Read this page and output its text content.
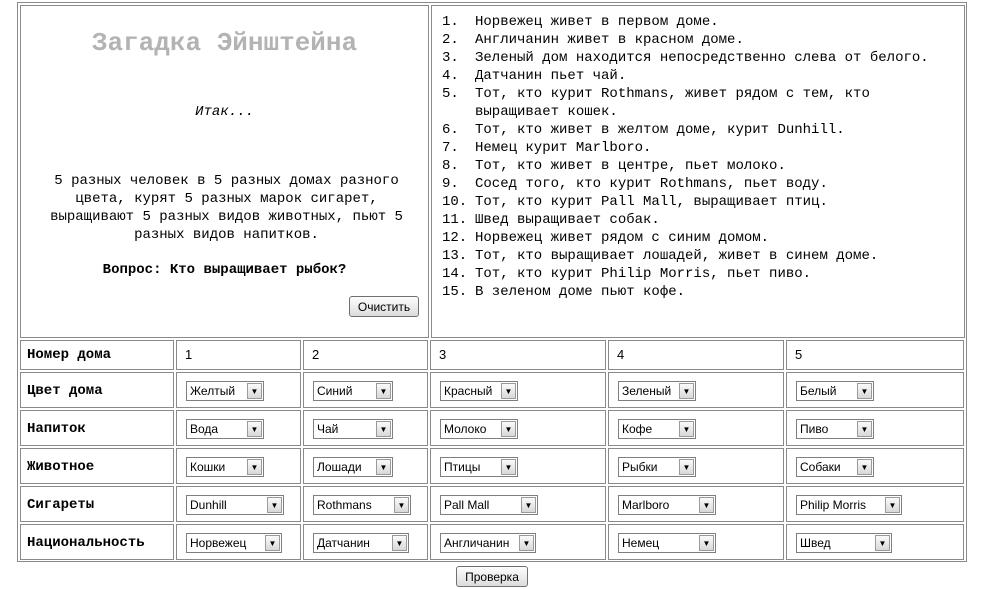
Загадка Эйнштейна
Итак...
5 разных человек в 5 разных домах разного цвета, курят 5 разных марок сигарет, выращивают 5 разных видов животных, пьют 5 разных видов напитков.
Вопрос: Кто выращивает рыбок?
Очистить
1.	Норвежец живет в первом доме.
2.	Англичанин живет в красном доме.
3.	Зеленый дом находится непосредственно слева от белого.
4.	Датчанин пьет чай.
5.	Тот, кто курит Rothmans, живет рядом с тем, кто выращивает кошек.
6.	Тот, кто живет в желтом доме, курит Dunhill.
7.	Немец курит Marlboro.
8.	Тот, кто живет в центре, пьет молоко.
9.	Сосед того, кто курит Rothmans, пьет воду.
10. Тот, кто курит Pall Mall, выращивает птиц.
11. Швед выращивает собак.
12. Норвежец живет рядом с синим домом.
13. Тот, кто выращивает лошадей, живет в синем доме.
14. Тот, кто курит Philip Morris, пьет пиво.
15. В зеленом доме пьют кофе.
Номер дома	1	2	3	4	5
Цвет дома	Желтый	▼	Синий	▼	Красный	▼	Зеленый	▼	Белый	▼
Напиток	Вода	▼	Чай	▼	Молоко	▼	Кофе	▼	Пиво	▼
Животное	Кошки	▼	Лошади	▼	Птицы	▼	Рыбки	▼	Собаки	▼
Сигареты	Dunhill	▼	Rothmans	▼	Pall Mall	▼	Marlboro	▼	Philip Morris	▼
Национальность	Норвежец	▼	Датчанин	▼	Англичанин	▼	Немец	▼	Швед	▼
Проверка
